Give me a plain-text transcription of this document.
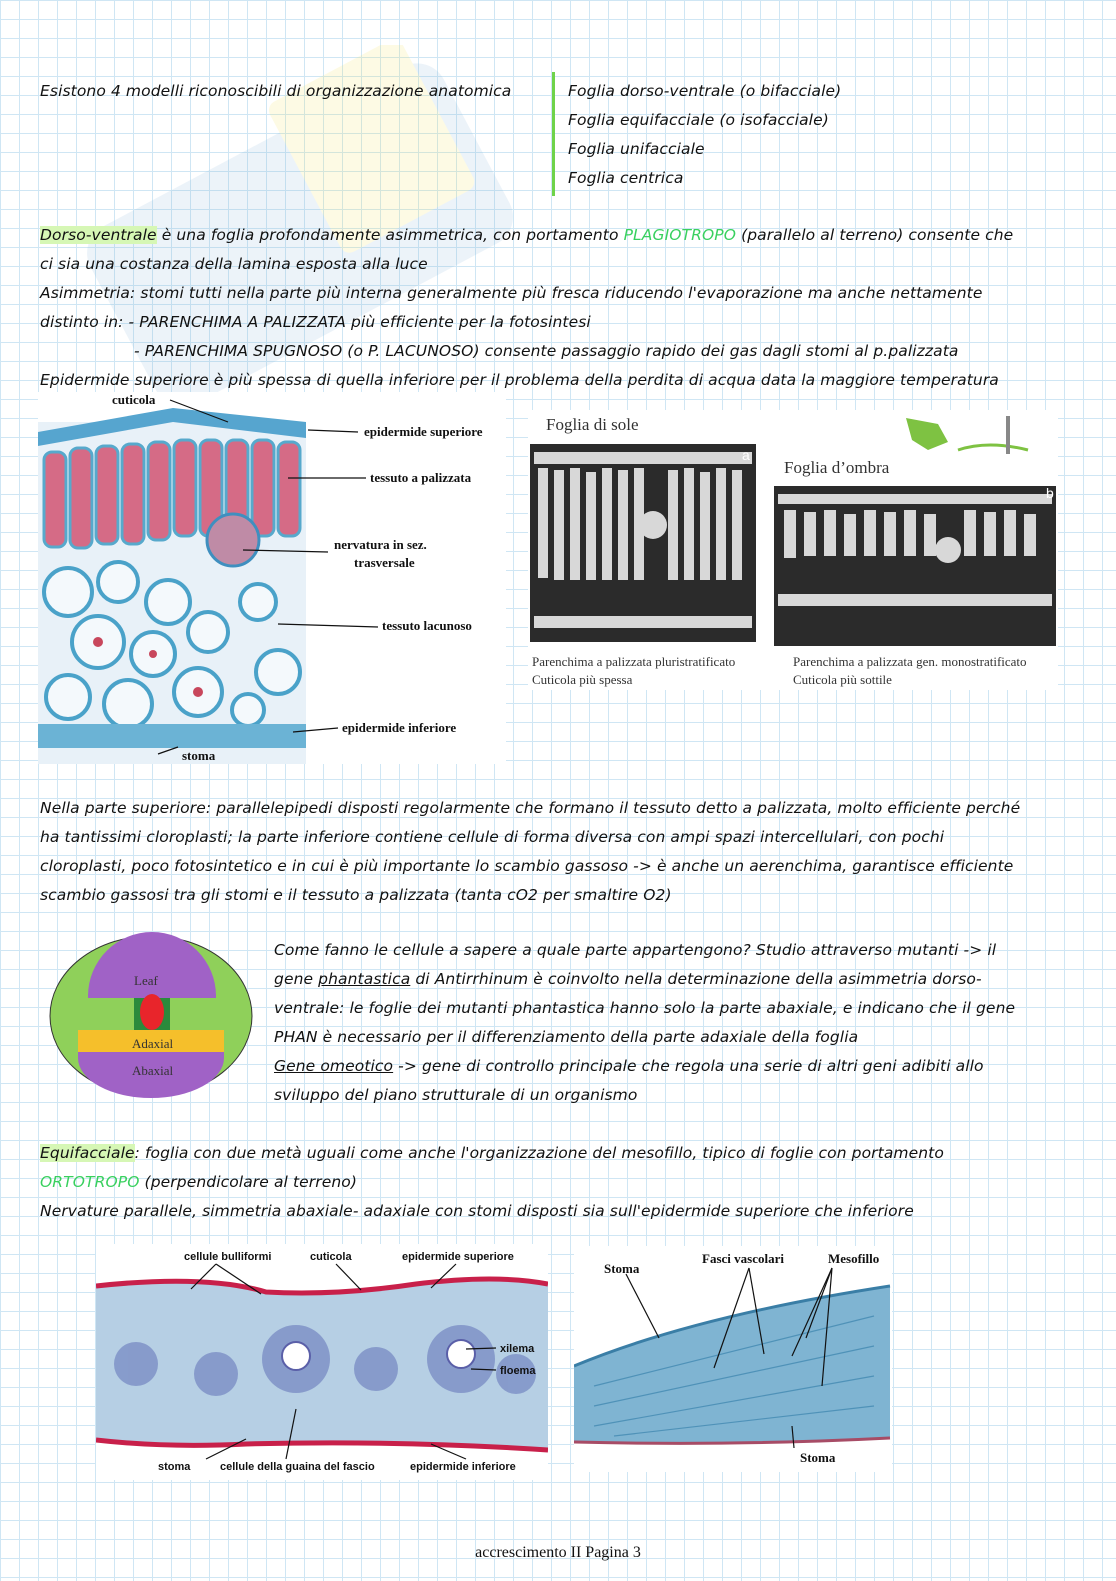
Esistono 4 modelli riconoscibili di organizzazione anatomica	Foglia dorso-ventrale (o bifacciale)
Foglia equifacciale (o isofacciale)
Foglia unifacciale
Foglia centrica
Dorso-ventrale è una foglia profondamente asimmetrica, con portamento PLAGIOTROPO (parallelo al terreno) consente che
ci sia una costanza della lamina esposta alla luce
Asimmetria: stomi tutti nella parte più interna generalmente più fresca riducendo l'evaporazione ma anche nettamente
distinto in: - PARENCHIMA A PALIZZATA più efficiente per la fotosintesi
- PARENCHIMA SPUGNOSO (o P. LACUNOSO) consente passaggio rapido dei gas dagli stomi al p.palizzata
Epidermide superiore è più spessa di quella inferiore per il problema della perdita di acqua data la maggiore temperatura
cuticola
epidermide superiore
tessuto a palizzata
nervatura in sez.
trasversale
tessuto lacunoso
epidermide inferiore
stoma
Foglia di sole
a
Foglia d’ombra
b
Parenchima a palizzata pluristratificato
Cuticola più spessa
Parenchima a palizzata gen. monostratificato
Cuticola più sottile
Nella parte superiore: parallelepipedi disposti regolarmente che formano il tessuto detto a palizzata, molto efficiente perché
ha tantissimi cloroplasti; la parte inferiore contiene cellule di forma diversa con ampi spazi intercellulari, con pochi
cloroplasti, poco fotosintetico e in cui è più importante lo scambio gassoso -> è anche un aerenchima, garantisce efficiente
scambio gassosi tra gli stomi e il tessuto a palizzata (tanta cO2 per smaltire O2)
Leaf
Adaxial
Abaxial
Come fanno le cellule a sapere a quale parte appartengono? Studio attraverso mutanti -> il
gene phantastica di Antirrhinum è coinvolto nella determinazione della asimmetria dorso-
ventrale: le foglie dei mutanti phantastica hanno solo la parte abaxiale, e indicano che il gene
PHAN è necessario per il differenziamento della parte adaxiale della foglia
Gene omeotico -> gene di controllo principale che regola una serie di altri geni adibiti allo
sviluppo del piano strutturale di un organismo
Equifacciale: foglia con due metà uguali come anche l'organizzazione del mesofillo, tipico di foglie con portamento
ORTOTROPO (perpendicolare al terreno)
Nervature parallele, simmetria abaxiale- adaxiale con stomi disposti sia sull'epidermide superiore che inferiore
cellule bulliformi	cuticola	epidermide superiore
xilema
floema
stoma	cellule della guaina del fascio	epidermide inferiore
Stoma
Fasci vascolari	Mesofillo
Stoma
accrescimento II Pagina 3
